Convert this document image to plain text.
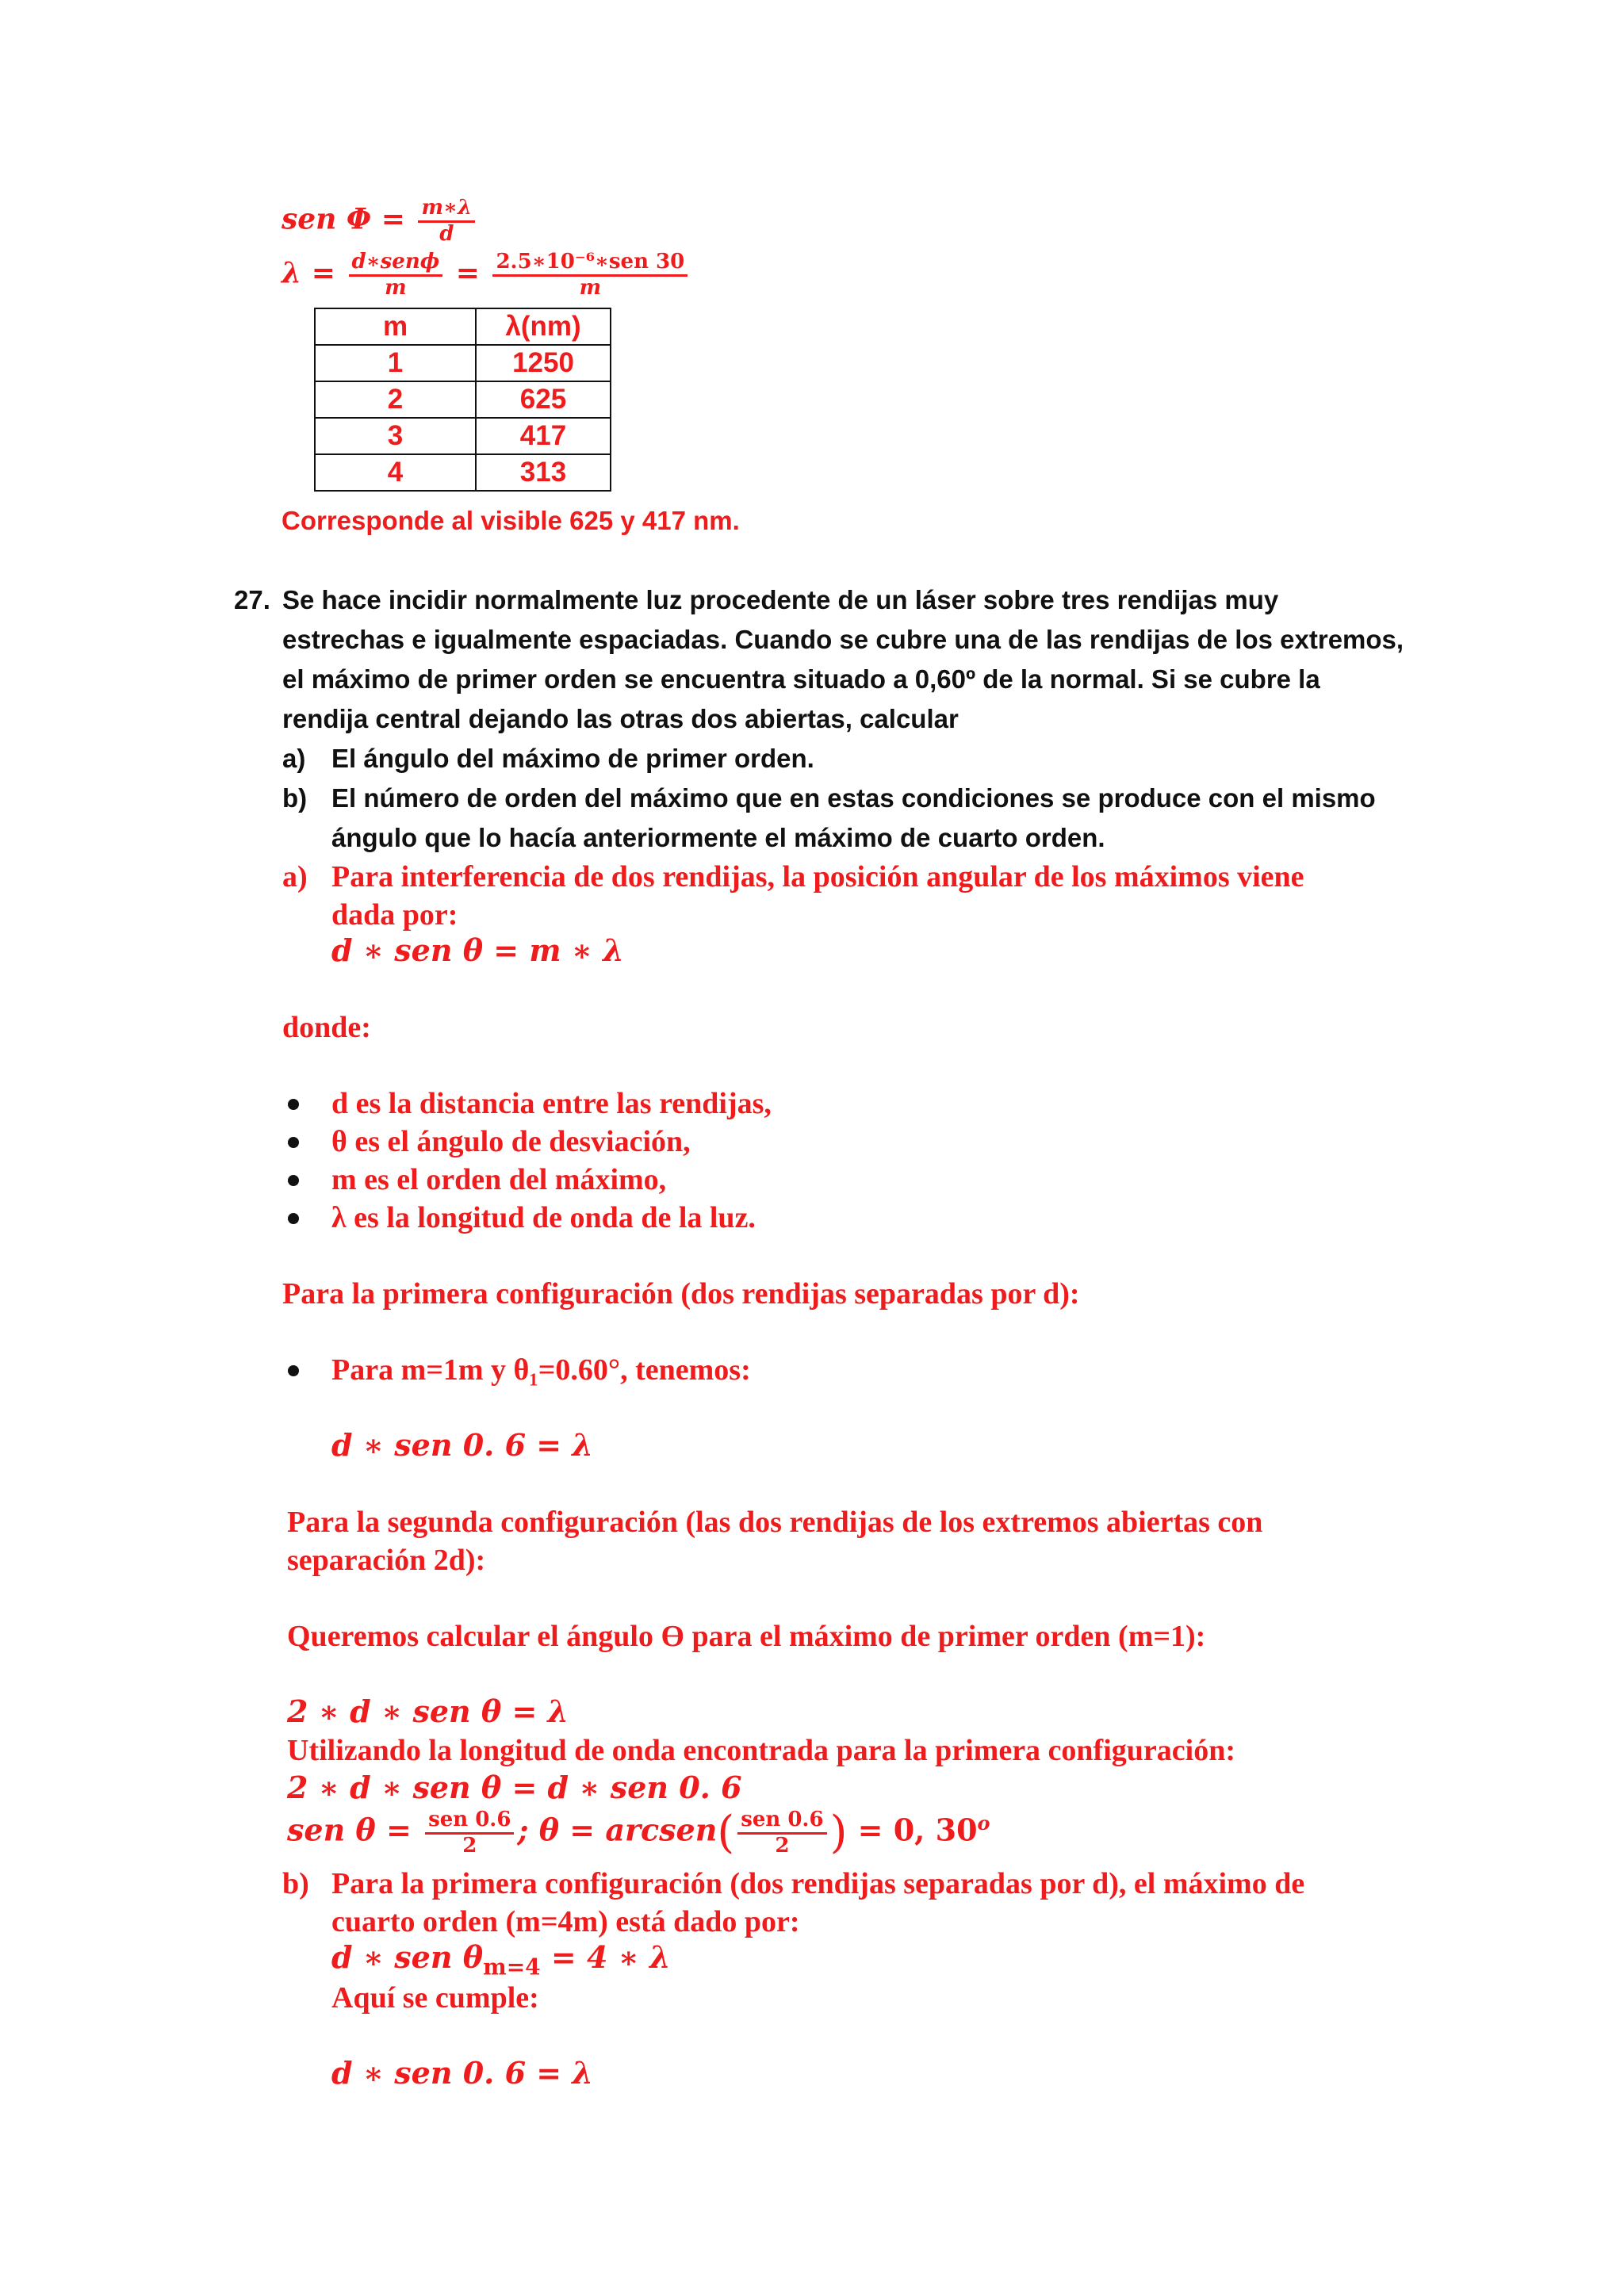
sen $\Phi = \frac{m∗\lambda}{d}$
$\lambda = \frac{\text{d∗senϕ}}{m} = \frac{\text{2.5∗10⁻⁶∗sen 30}}{m}$
m	λ(nm)
1	1250
2	625
3	417
4	313
Corresponde al visible 625 y 417 nm.
27. Se hace incidir normalmente luz procedente de un láser sobre tres rendijas muy
estrechas e igualmente espaciadas. Cuando se cubre una de las rendijas de los extremos,
el máximo de primer orden se encuentra situado a 0,60º de la normal. Si se cubre la
rendija central dejando las otras dos abiertas, calcular
a) El ángulo del máximo de primer orden.
b) El número de orden del máximo que en estas condiciones se produce con el mismo
ángulo que lo hacía anteriormente el máximo de cuarto orden.
a) Para interferencia de dos rendijas, la posición angular de los máximos viene
dada por:
d ∗ sen θ = m ∗ λ
donde:
d es la distancia entre las rendijas,
θ es el ángulo de desviación,
m es el orden del máximo,
λ es la longitud de onda de la luz.
Para la primera configuración (dos rendijas separadas por d):
Para m=1m y θ₁=0.60°, tenemos:
d ∗ sen 0. 6 = λ
Para la segunda configuración (las dos rendijas de los extremos abiertas con
separación 2d):
Queremos calcular el ángulo Ө para el máximo de primer orden (m=1):
2 ∗ d ∗ sen θ = λ
Utilizando la longitud de onda encontrada para la primera configuración:
2 ∗ d ∗ sen θ = d ∗ sen 0. 6
sen $\theta = \frac{\text{sen 0.6}}{2}$ ; θ = arcsen( $\frac{\text{sen 0.6}}{2}$ ) = 0, 30$^o$
b) Para la primera configuración (dos rendijas separadas por d), el máximo de
cuarto orden (m=4m) está dado por:
d ∗ sen $\theta_{m=4} = 4$ ∗ λ
Aquí se cumple:
d ∗ sen 0. 6 = λ
